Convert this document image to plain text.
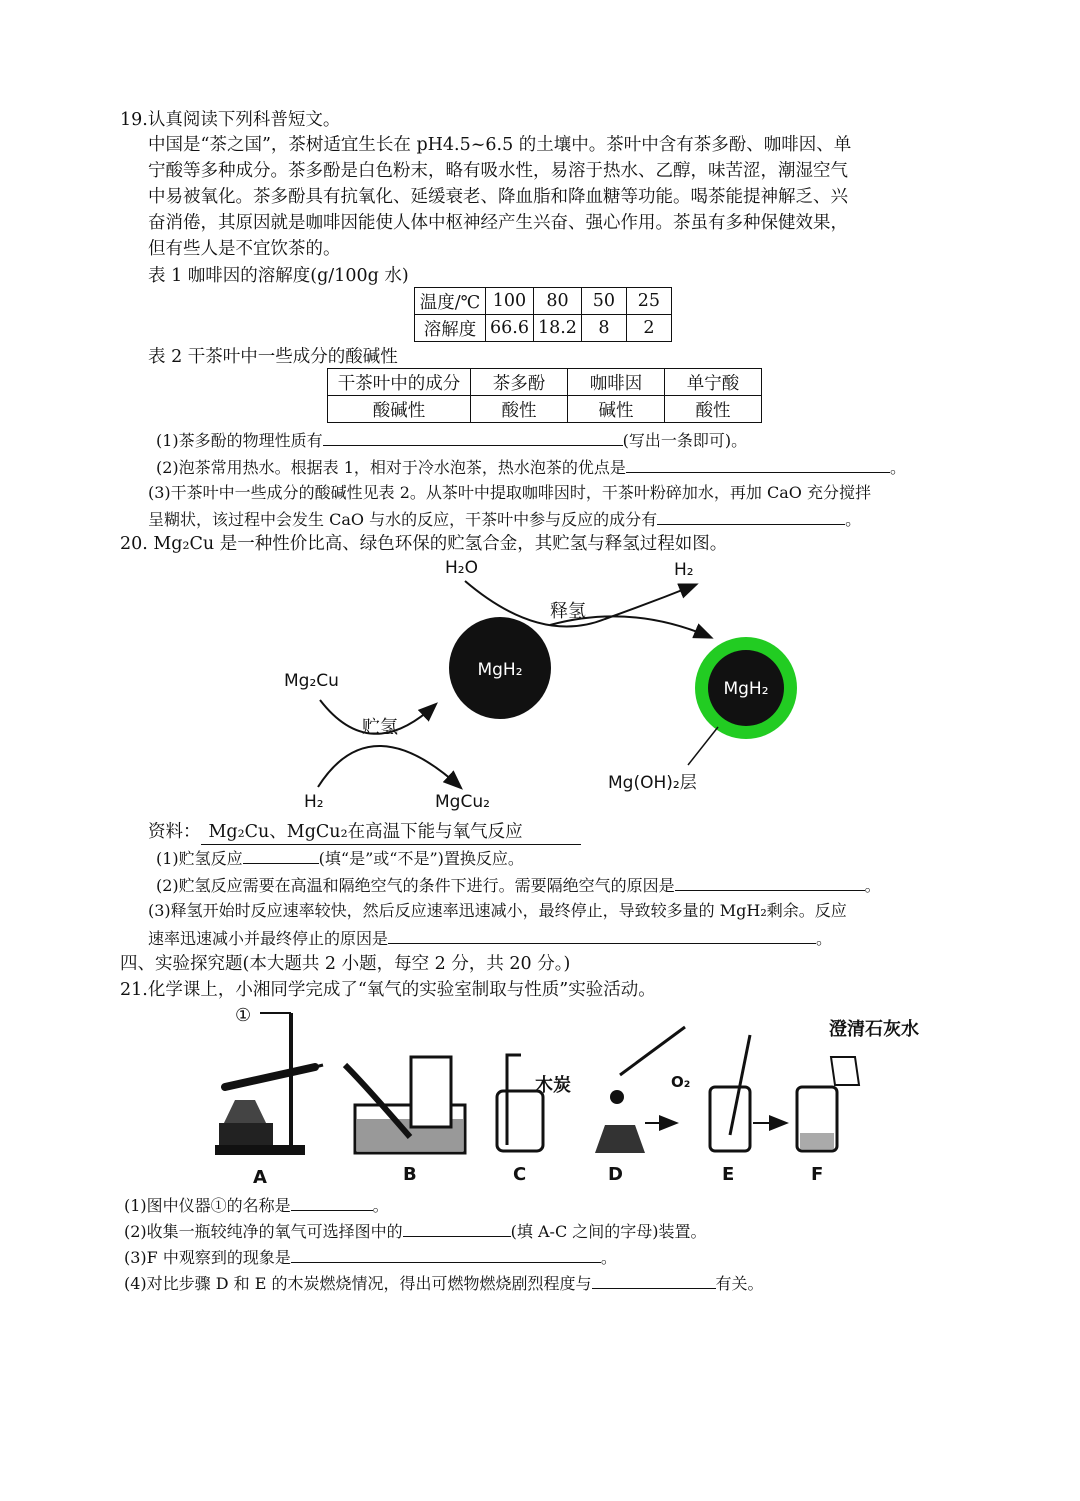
19.认真阅读下列科普短文。
中国是“茶之国”，茶树适宜生长在 pH4.5~6.5 的土壤中。茶叶中含有茶多酚、咖啡因、单
宁酸等多种成分。茶多酚是白色粉末，略有吸水性，易溶于热水、乙醇，味苦涩，潮湿空气
中易被氧化。茶多酚具有抗氧化、延缓衰老、降血脂和降血糖等功能。喝茶能提神解乏、兴
奋消倦，其原因就是咖啡因能使人体中枢神经产生兴奋、强心作用。茶虽有多种保健效果，
但有些人是不宜饮茶的。
表 1 咖啡因的溶解度(g/100g 水)
温度/℃	100	80	50	25
溶解度	66.6	18.2	8	2
表 2 干茶叶中一些成分的酸碱性
干茶叶中的成分	茶多酚	咖啡因	单宁酸
酸碱性	酸性	碱性	酸性
(1)茶多酚的物理性质有	(写出一条即可)。
(2)泡茶常用热水。根据表 1，相对于冷水泡茶，热水泡茶的优点是	。
(3)干茶叶中一些成分的酸碱性见表 2。从茶叶中提取咖啡因时，干茶叶粉碎加水，再加 CaO 充分搅拌
呈糊状，该过程中会发生 CaO 与水的反应，干茶叶中参与反应的成分有	。
20. Mg₂Cu 是一种性价比高、绿色环保的贮氢合金，其贮氢与释氢过程如图。
H₂O	H₂
释氢
MgH₂
MgH₂
Mg₂Cu
贮氢
H₂	MgCu₂
Mg(OH)₂层
资料： Mg₂Cu、MgCu₂在高温下能与氧气反应
(1)贮氢反应	(填“是”或“不是”)置换反应。
(2)贮氢反应需要在高温和隔绝空气的条件下进行。需要隔绝空气的原因是	。
(3)释氢开始时反应速率较快，然后反应速率迅速减小，最终停止，导致较多量的 MgH₂剩余。反应
速率迅速减小并最终停止的原因是	。
四、实验探究题(本大题共 2 小题，每空 2 分，共 20 分。)
21.化学课上，小湘同学完成了“氧气的实验室制取与性质”实验活动。
①
澄清石灰水
木炭	O₂
A	B	C	D	E	F
(1)图中仪器①的名称是	。
(2)收集一瓶较纯净的氧气可选择图中的	(填 A-C 之间的字母)装置。
(3)F 中观察到的现象是	。
(4)对比步骤 D 和 E 的木炭燃烧情况，得出可燃物燃烧剧烈程度与	有关。
